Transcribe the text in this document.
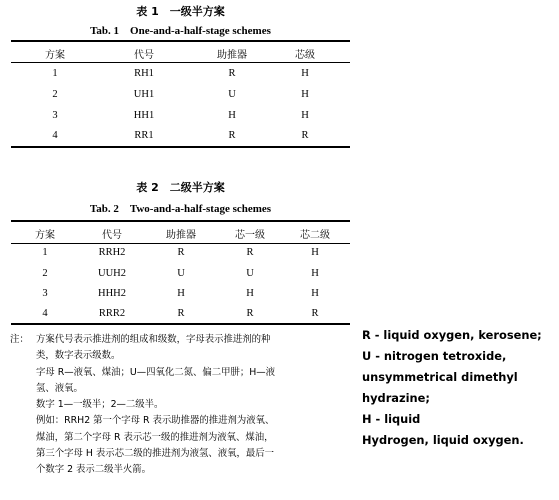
表 1　一级半方案
Tab. 1　One-and-a-half-stage schemes
方案	代号	助推器	芯级
1	RH1	R	H
2	UH1	U	H
3	HH1	H	H
4	RR1	R	R
表 2　二级半方案
Tab. 2　Two-and-a-half-stage schemes
方案	代号	助推器	芯一级	芯二级
1	RRH2	R	R	H
2	UUH2	U	U	H
3	HHH2	H	H	H
4	RRR2	R	R	R

注： 方案代号表示推进剂的组成和级数，字母表示推进剂的种

类，数字表示级数。

字母 R—液氧、煤油；U—四氧化二氮、偏二甲肼；H—液

氢、液氧。

数字 1—一级半；2—二级半。

例如：RRH2 第一个字母 R 表示助推器的推进剂为液氧、

煤油，第二个字母 R 表示芯一级的推进剂为液氧、煤油，

第三个字母 H 表示芯二级的推进剂为液氢、液氧，最后一

个数字 2 表示二级半火箭。

R - liquid oxygen, kerosene;

U - nitrogen tetroxide,

unsymmetrical dimethyl

hydrazine;

H - liquid

Hydrogen, liquid oxygen.
